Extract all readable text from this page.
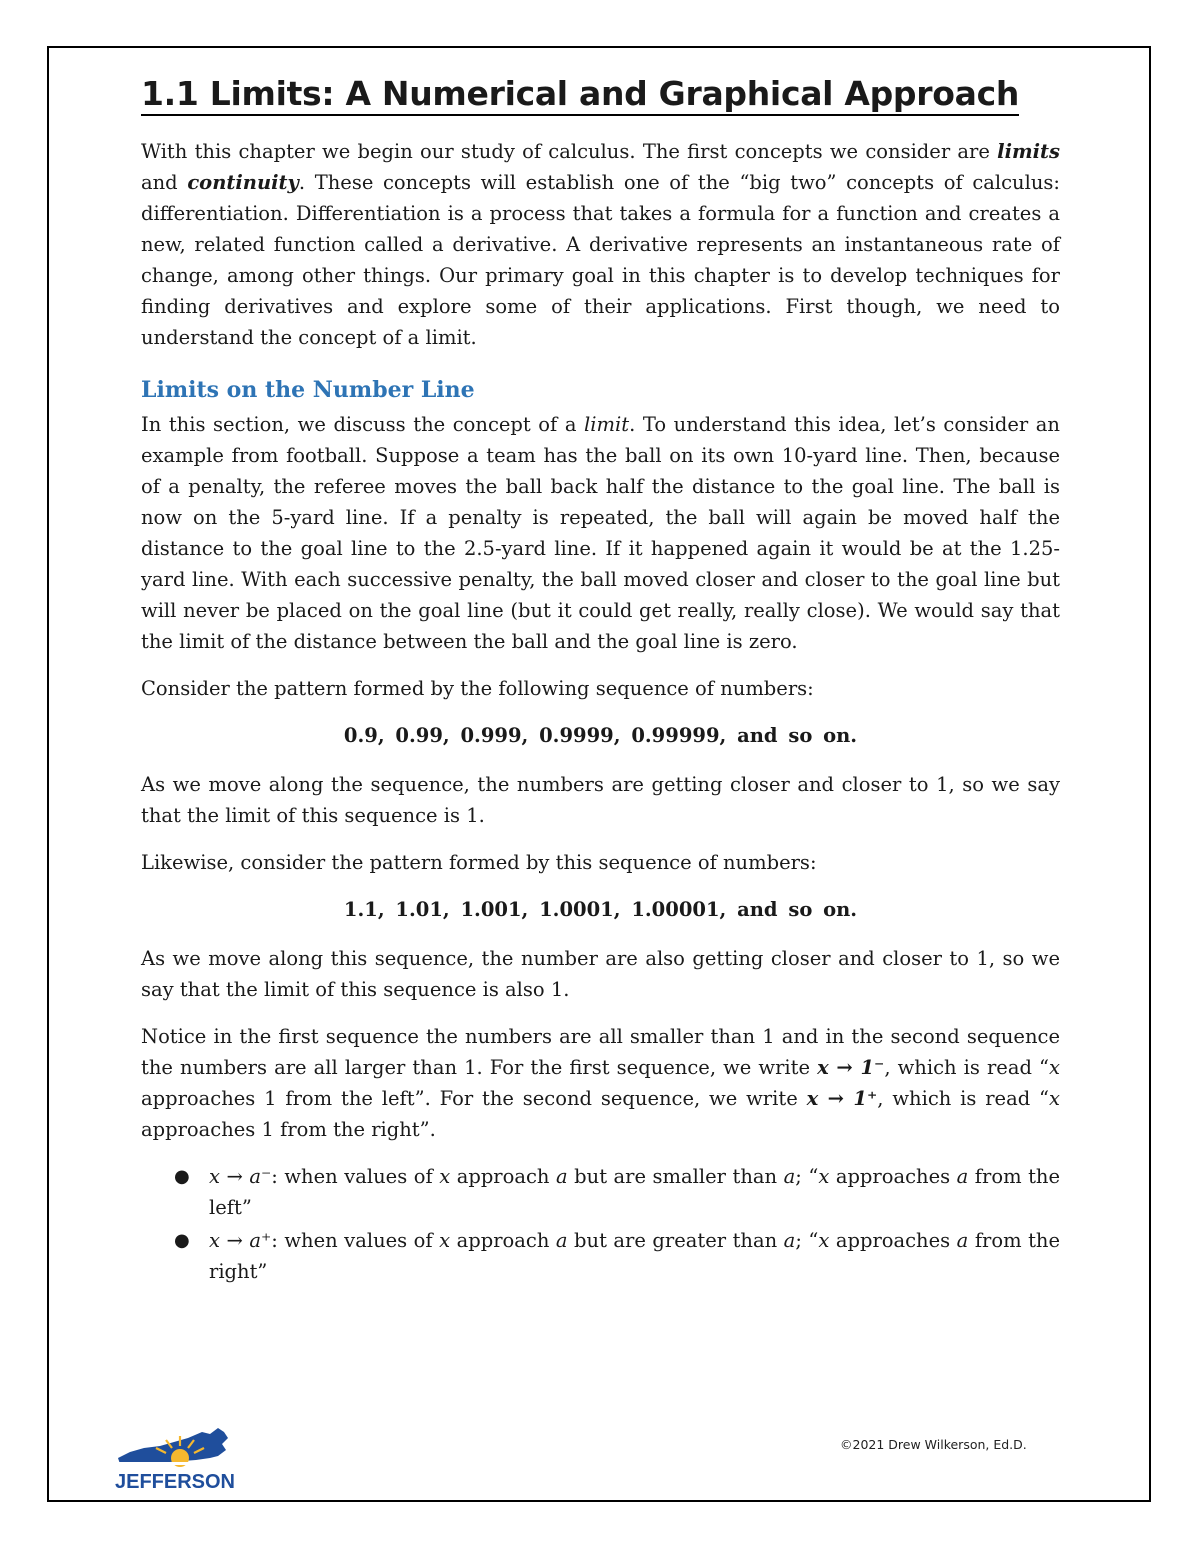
1.1 Limits: A Numerical and Graphical Approach

With this chapter we begin our study of calculus. The first concepts we consider are limits and continuity. These concepts will establish one of the “big two” concepts of calculus: differentiation. Differentiation is a process that takes a formula for a function and creates a new, related function called a derivative. A derivative represents an instantaneous rate of change, among other things. Our primary goal in this chapter is to develop techniques for finding derivatives and explore some of their applications. First though, we need to understand the concept of a limit.

Limits on the Number Line

In this section, we discuss the concept of a limit. To understand this idea, let’s consider an example from football. Suppose a team has the ball on its own 10-yard line. Then, because of a penalty, the referee moves the ball back half the distance to the goal line. The ball is now on the 5-yard line. If a penalty is repeated, the ball will again be moved half the distance to the goal line to the 2.5-yard line. If it happened again it would be at the 1.25-yard line. With each successive penalty, the ball moved closer and closer to the goal line but will never be placed on the goal line (but it could get really, really close). We would say that the limit of the distance between the ball and the goal line is zero.

Consider the pattern formed by the following sequence of numbers:

0.9, 0.99, 0.999, 0.9999, 0.99999, and so on.

As we move along the sequence, the numbers are getting closer and closer to 1, so we say that the limit of this sequence is 1.

Likewise, consider the pattern formed by this sequence of numbers:

1.1, 1.01, 1.001, 1.0001, 1.00001, and so on.

As we move along this sequence, the number are also getting closer and closer to 1, so we say that the limit of this sequence is also 1.

Notice in the first sequence the numbers are all smaller than 1 and in the second sequence the numbers are all larger than 1. For the first sequence, we write x → 1⁻, which is read “x approaches 1 from the left”. For the second sequence, we write x → 1⁺, which is read “x approaches 1 from the right”.

● x → a⁻: when values of x approach a but are smaller than a; “x approaches a from the left”
● x → a⁺: when values of x approach a but are greater than a; “x approaches a from the right”
JEFFERSON
©2021 Drew Wilkerson, Ed.D.
